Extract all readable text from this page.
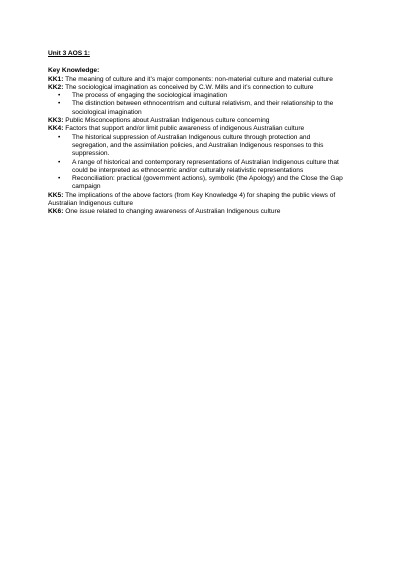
Unit 3 AOS 1:

Key Knowledge:

KK1: The meaning of culture and it’s major components: non-material culture and material culture

KK2: The sociological imagination as conceived by C.W. Mills and it’s connection to culture

• The process of engaging the sociological imagination
• The distinction between ethnocentrism and cultural relativism, and their relationship to the sociological imagination

KK3: Public Misconceptions about Australian Indigenous culture concerning

KK4: Factors that support and/or limit public awareness of indigenous Australian culture

• The historical suppression of Australian Indigenous culture through protection and segregation, and the assimilation policies, and Australian Indigenous responses to this suppression.
• A range of historical and contemporary representations of Australian Indigenous culture that could be interpreted as ethnocentric and/or culturally relativistic representations
• Reconciliation: practical (government actions), symbolic (the Apology) and the Close the Gap campaign

KK5: The implications of the above factors (from Key Knowledge 4) for shaping the public views of Australian Indigenous culture

KK6: One issue related to changing awareness of Australian Indigenous culture
